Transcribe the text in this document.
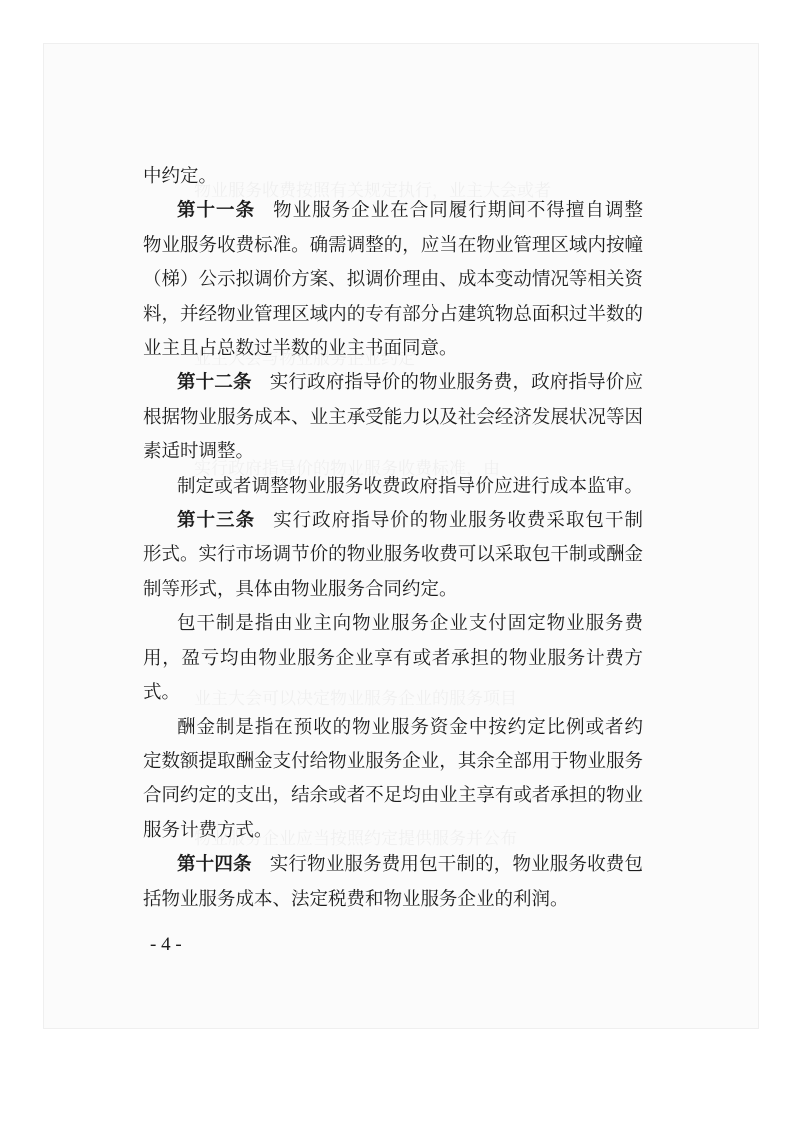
中约定。
第十一条 物业服务企业在合同履行期间不得擅自调整
物业服务收费标准。确需调整的，应当在物业管理区域内按幢
（梯）公示拟调价方案、拟调价理由、成本变动情况等相关资
料，并经物业管理区域内的专有部分占建筑物总面积过半数的
业主且占总数过半数的业主书面同意。
第十二条 实行政府指导价的物业服务费，政府指导价应
根据物业服务成本、业主承受能力以及社会经济发展状况等因
素适时调整。
制定或者调整物业服务收费政府指导价应进行成本监审。
第十三条 实行政府指导价的物业服务收费采取包干制
形式。实行市场调节价的物业服务收费可以采取包干制或酬金
制等形式，具体由物业服务合同约定。
包干制是指由业主向物业服务企业支付固定物业服务费
用，盈亏均由物业服务企业享有或者承担的物业服务计费方
式。
酬金制是指在预收的物业服务资金中按约定比例或者约
定数额提取酬金支付给物业服务企业，其余全部用于物业服务
合同约定的支出，结余或者不足均由业主享有或者承担的物业
服务计费方式。
第十四条 实行物业服务费用包干制的，物业服务收费包
括物业服务成本、法定税费和物业服务企业的利润。
- 4 -
